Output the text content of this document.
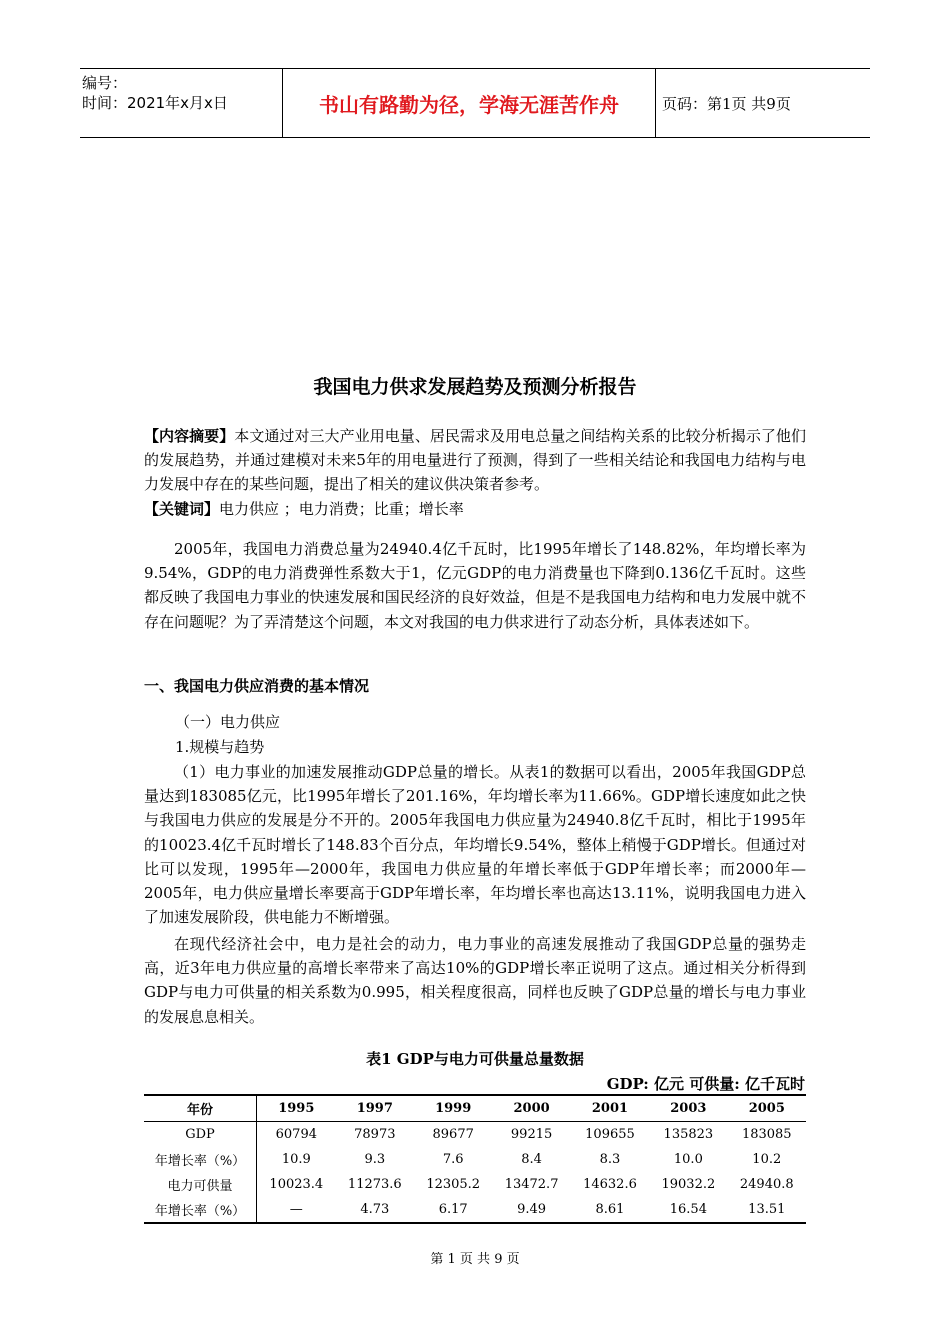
编号：
时间：2021年x月x日	书山有路勤为径，学海无涯苦作舟	页码：第1页 共9页
我国电力供求发展趋势及预测分析报告
【内容摘要】本文通过对三大产业用电量、居民需求及用电总量之间结构关系的比较分析揭示了他们的发展趋势，并通过建模对未来5年的用电量进行了预测，得到了一些相关结论和我国电力结构与电力发展中存在的某些问题，提出了相关的建议供决策者参考。
【关键词】电力供应 ；电力消费；比重；增长率
2005年，我国电力消费总量为24940.4亿千瓦时，比1995年增长了148.82%，年均增长率为9.54%，GDP的电力消费弹性系数大于1，亿元GDP的电力消费量也下降到0.136亿千瓦时。这些都反映了我国电力事业的快速发展和国民经济的良好效益，但是不是我国电力结构和电力发展中就不存在问题呢？为了弄清楚这个问题，本文对我国的电力供求进行了动态分析，具体表述如下。
一、我国电力供应消费的基本情况
（一）电力供应
1.规模与趋势
（1）电力事业的加速发展推动GDP总量的增长。从表1的数据可以看出，2005年我国GDP总量达到183085亿元，比1995年增长了201.16%，年均增长率为11.66%。GDP增长速度如此之快与我国电力供应的发展是分不开的。2005年我国电力供应量为24940.8亿千瓦时，相比于1995年的10023.4亿千瓦时增长了148.83个百分点，年均增长9.54%，整体上稍慢于GDP增长。但通过对比可以发现，1995年—2000年，我国电力供应量的年增长率低于GDP年增长率；而2000年—2005年，电力供应量增长率要高于GDP年增长率，年均增长率也高达13.11%，说明我国电力进入了加速发展阶段，供电能力不断增强。
在现代经济社会中，电力是社会的动力，电力事业的高速发展推动了我国GDP总量的强势走高，近3年电力供应量的高增长率带来了高达10%的GDP增长率正说明了这点。通过相关分析得到GDP与电力可供量的相关系数为0.995，相关程度很高，同样也反映了GDP总量的增长与电力事业的发展息息相关。
表1 GDP与电力可供量总量数据
GDP: 亿元 可供量: 亿千瓦时
年份	1995	1997	1999	2000	2001	2003	2005
GDP	60794	78973	89677	99215	109655	135823	183085
年增长率（%）	10.9	9.3	7.6	8.4	8.3	10.0	10.2
电力可供量	10023.4	11273.6	12305.2	13472.7	14632.6	19032.2	24940.8
年增长率（%）	—	4.73	6.17	9.49	8.61	16.54	13.51
第 1 页 共 9 页
